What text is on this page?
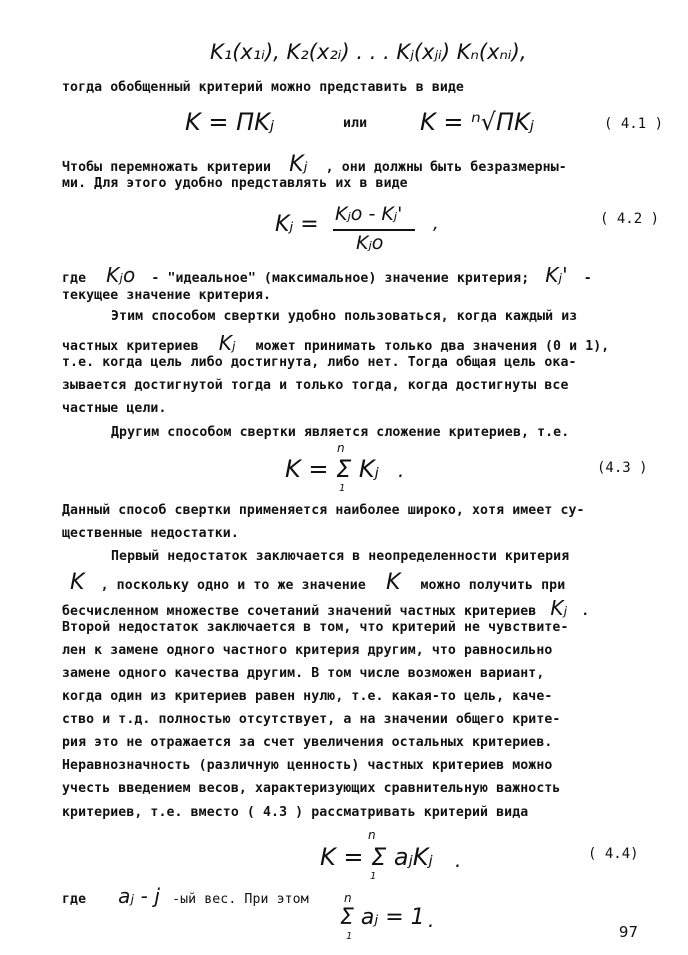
K₁(x₁ᵢ), K₂(x₂ᵢ) . . . Kⱼ(xⱼᵢ) Kₙ(xₙᵢ),
тогда обобщенный критерий можно представить в виде
K = ΠKⱼ	или K = ⁿ√ΠKⱼ	( 4.1 )
Чтобы перемножать критерии Kⱼ , они должны быть безразмерны-
ми. Для этого удобно представлять их в виде
Kⱼ = Kⱼo - Kⱼ'
Kⱼo
,	( 4.2 )
где Kⱼo - "идеальное" (максимальное) значение критерия; Kⱼ' -
текущее значение критерия.
Этим способом свертки удобно пользоваться, когда каждый из
частных критериев Kⱼ может принимать только два значения (0 и 1),
т.е. когда цель либо достигнута, либо нет. Тогда общая цель ока-
зывается достигнутой тогда и только тогда, когда достигнуты все
частные цели.
Другим способом свертки является сложение критериев, т.е.
K = Σ Kⱼ
n
1
.	(4.3 )
Данный способ свертки применяется наиболее широко, хотя имеет су-
щественные недостатки.
Первый недостаток заключается в неопределенности критерия
K , поскольку одно и то же значение K можно получить при
бесчисленном множестве сочетаний значений частных критериев Kⱼ .
Второй недостаток заключается в том, что критерий не чувствите-
лен к замене одного частного критерия другим, что равносильно
замене одного качества другим. В том числе возможен вариант,
когда один из критериев равен нулю, т.е. какая-то цель, каче-
ство и т.д. полностью отсутствует, а на значении общего крите-
рия это не отражается за счет увеличения остальных критериев.
Неравнозначность (различную ценность) частных критериев можно
учесть введением весов, характеризующих сравнительную важность
критериев, т.е. вместо ( 4.3 ) рассматривать критерий вида
K = Σ aⱼKⱼ
n
1
.	( 4.4)
где aⱼ - j -ый вес. При этом
Σ aⱼ = 1
n
1
.	97
